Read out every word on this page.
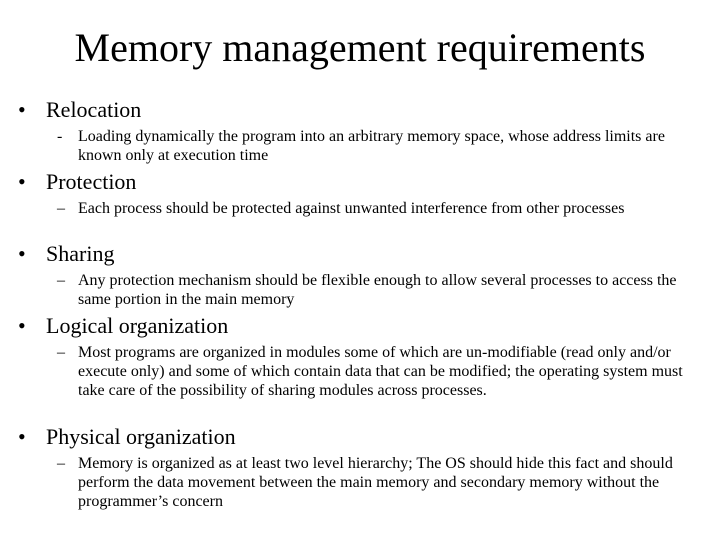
Memory management requirements
• Relocation
- Loading dynamically the program into an arbitrary memory space, whose address limits are known only at execution time
• Protection
– Each process should be protected against unwanted interference from other processes
• Sharing
– Any protection mechanism should be flexible enough to allow several processes to access the same portion in the main memory
• Logical organization
– Most programs are organized in modules some of which are un-modifiable (read only and/or execute only) and some of which contain data that can be modified; the operating system must take care of the possibility of sharing modules across processes.
• Physical organization
– Memory is organized as at least two level hierarchy; The OS should hide this fact and should perform the data movement between the main memory and secondary memory without the programmer’s concern
